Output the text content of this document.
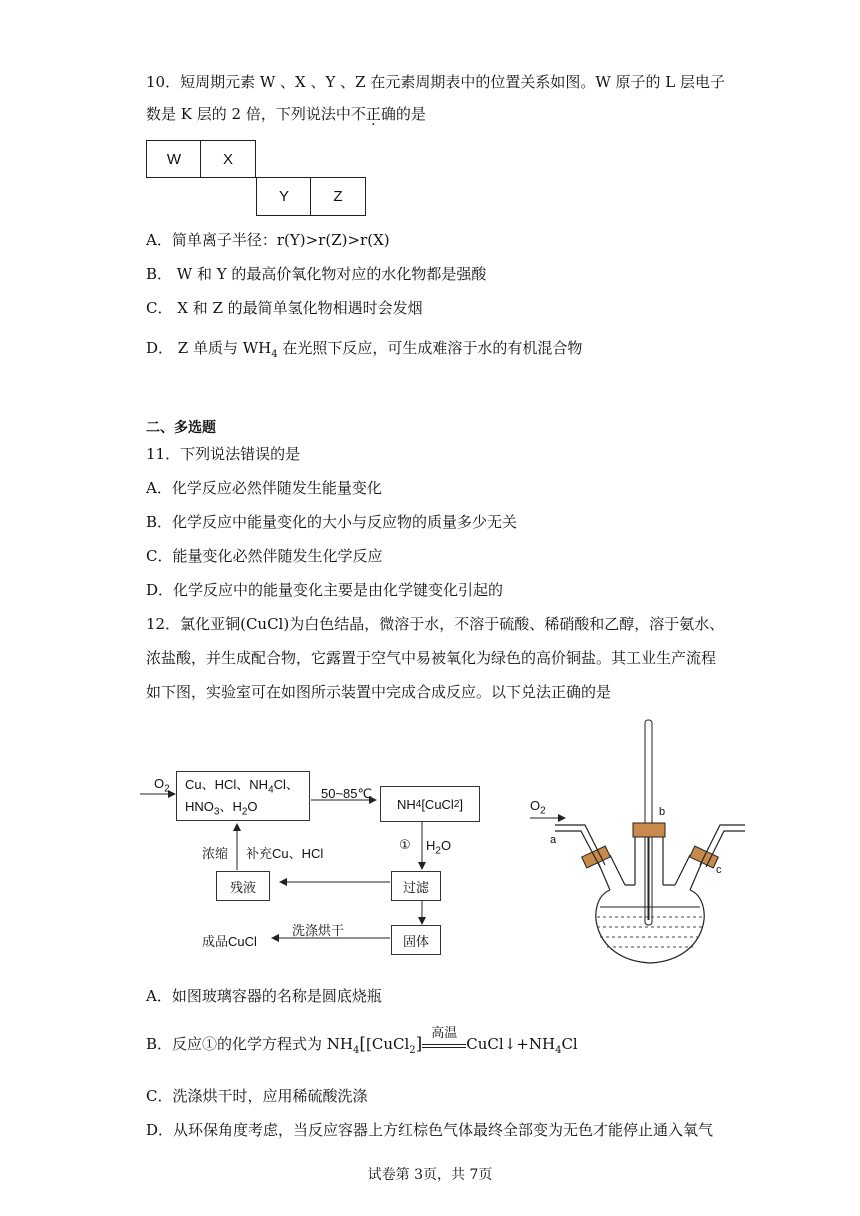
10．短周期元素 W 、X 、Y 、Z 在元素周期表中的位置关系如图。W 原子的 L 层电子
数是 K 层的 2 倍，下列说法中不正确的是
W	X
Y	Z
A．简单离子半径：r(Y)>r(Z)>r(X)
B． W 和 Y 的最高价氧化物对应的水化物都是强酸
C． X 和 Z 的最简单氢化物相遇时会发烟
D． Z 单质与 $WH_4$ 在光照下反应，可生成难溶于水的有机混合物
二、多选题
11．下列说法错误的是
A．化学反应必然伴随发生能量变化
B．化学反应中能量变化的大小与反应物的质量多少无关
C．能量变化必然伴随发生化学反应
D．化学反应中的能量变化主要是由化学键变化引起的
12．氯化亚铜(CuCl)为白色结晶，微溶于水，不溶于硫酸、稀硝酸和乙醇，溶于氨水、
浓盐酸，并生成配合物，它露置于空气中易被氧化为绿色的高价铜盐。其工业生产流程
如下图，实验室可在如图所示装置中完成合成反应。以下兑法正确的是
$O_2$ Cu、HCl、$NH_4Cl$、
$HNO_3$、$H_2O$
50~85℃
NH 4 [CuCl 2 ]
① $H_2O$
浓缩 补充Cu、HCl
残液	过滤
洗涤烘干
成品CuCl	固体
$O_2$
a
b
c
A．如图玻璃容器的名称是圆底烧瓶
B．反应①的化学方程式为 $NH_4[[CuCl_2]$
高温
$CuCl↓+NH_4Cl$
C．洗涤烘干时，应用稀硫酸洗涤
D．从环保角度考虑，当反应容器上方红棕色气体最终全部变为无色才能停止通入氧气
试卷第 3页，共 7页
